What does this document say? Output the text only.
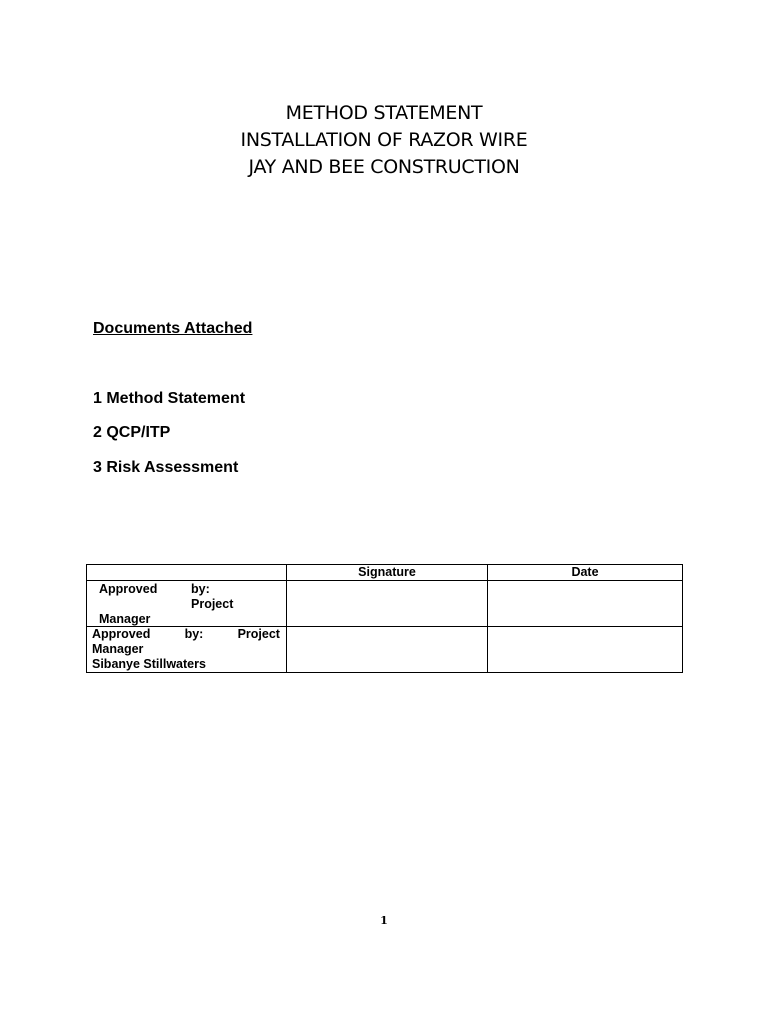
METHOD STATEMENT
INSTALLATION OF RAZOR WIRE
JAY AND BEE CONSTRUCTION
Documents Attached
1 Method Statement
2 QCP/ITP
3 Risk Assessment
	Signature	Date

Approved by:
Project
Manager		

Approved by: Project
Manager
Sibanye Stillwaters		

1
